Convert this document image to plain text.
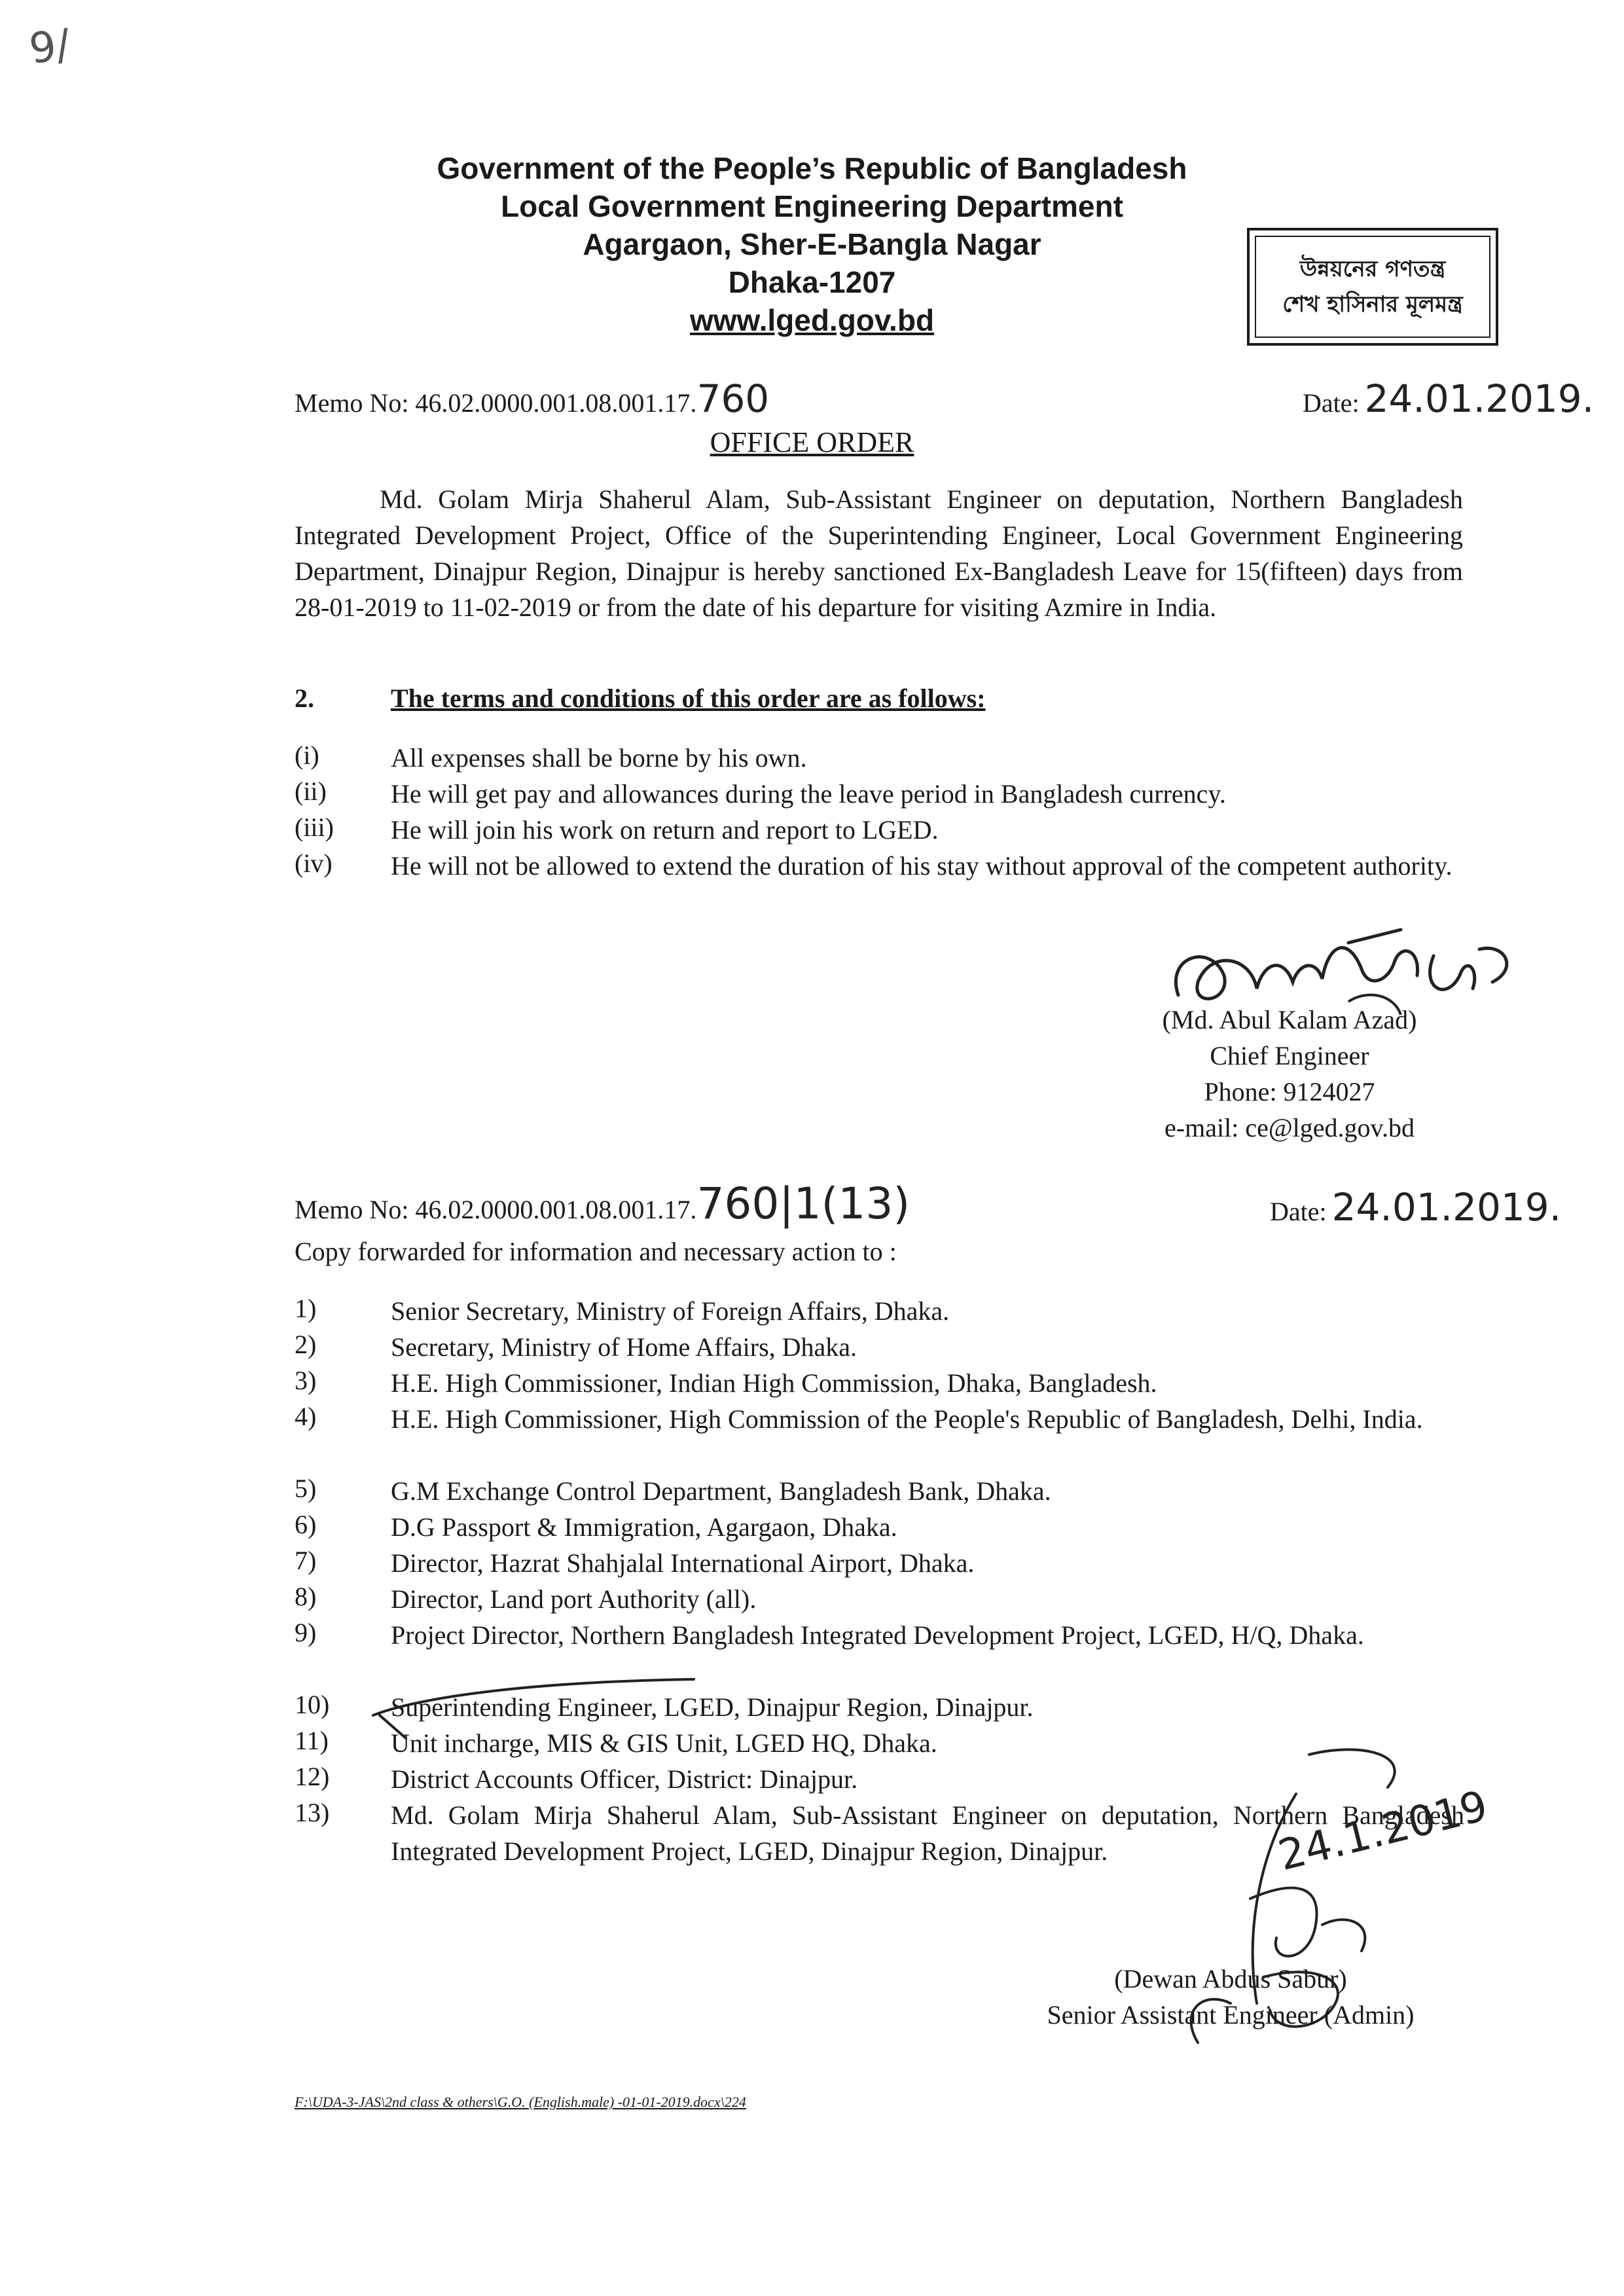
9/
Government of the People’s Republic of Bangladesh
Local Government Engineering Department
Agargaon, Sher-E-Bangla Nagar
Dhaka-1207
www.lged.gov.bd
উন্নয়নের গণতন্ত্র
শেখ হাসিনার মূলমন্ত্র
Memo No: 46.02.0000.001.08.001.17.760	Date: 24.01.2019.
OFFICE ORDER
Md. Golam Mirja Shaherul Alam, Sub-Assistant Engineer on deputation, Northern Bangladesh Integrated Development Project, Office of the Superintending Engineer, Local Government Engineering Department, Dinajpur Region, Dinajpur is hereby sanctioned Ex-Bangladesh Leave for 15(fifteen) days from 28-01-2019 to 11-02-2019 or from the date of his departure for visiting Azmire in India.
2.	The terms and conditions of this order are as follows:
(i)	All expenses shall be borne by his own.
(ii) He will get pay and allowances during the leave period in Bangladesh currency.
(iii) He will join his work on return and report to LGED.
(iv) He will not be allowed to extend the duration of his stay without approval of the competent authority.
(Md. Abul Kalam Azad)
Chief Engineer
Phone: 9124027
e-mail: ce@lged.gov.bd
Memo No: 46.02.0000.001.08.001.17.760|1(13)	Date: 24.01.2019.
Copy forwarded for information and necessary action to :
1)	Senior Secretary, Ministry of Foreign Affairs, Dhaka.
2)	Secretary, Ministry of Home Affairs, Dhaka.
3)	H.E. High Commissioner, Indian High Commission, Dhaka, Bangladesh.
4)	H.E. High Commissioner, High Commission of the People's Republic of Bangladesh, Delhi, India.
5)	G.M Exchange Control Department, Bangladesh Bank, Dhaka.
6)	D.G Passport & Immigration, Agargaon, Dhaka.
7)	Director, Hazrat Shahjalal International Airport, Dhaka.
8)	Director, Land port Authority (all).
9)	Project Director, Northern Bangladesh Integrated Development Project, LGED, H/Q, Dhaka.
10) Superintending Engineer, LGED, Dinajpur Region, Dinajpur.
11) Unit incharge, MIS & GIS Unit, LGED HQ, Dhaka.
12) District Accounts Officer, District: Dinajpur.
13) Md. Golam Mirja Shaherul Alam, Sub-Assistant Engineer on deputation, Northern Bangladesh Integrated Development Project, LGED, Dinajpur Region, Dinajpur.	24.1.2019
(Dewan Abdus Sabur)
Senior Assistant Engineer (Admin)
F:\UDA-3-JAS\2nd class & others\G.O. (English.male) -01-01-2019.docx\224
